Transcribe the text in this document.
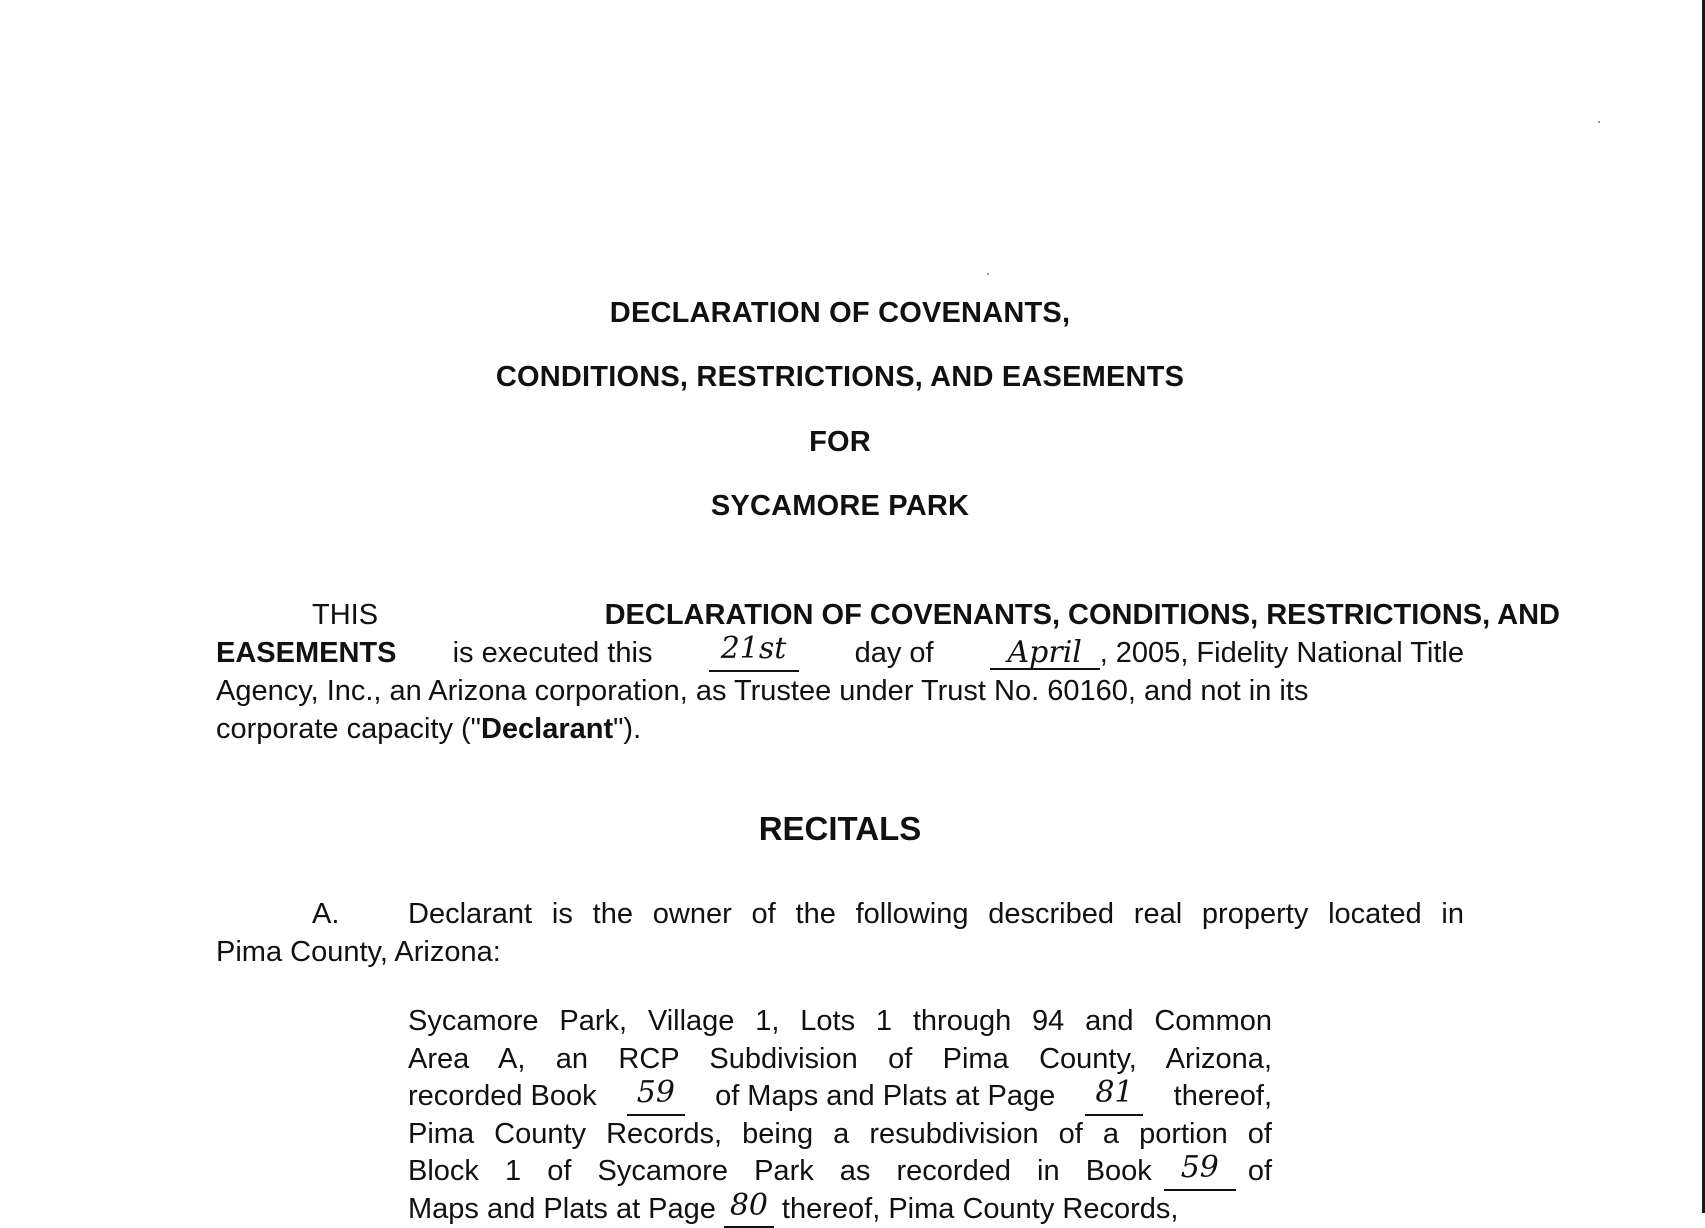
DECLARATION OF COVENANTS,
CONDITIONS, RESTRICTIONS, AND EASEMENTS
FOR
SYCAMORE PARK
THIS	DECLARATION OF COVENANTS, CONDITIONS, RESTRICTIONS, AND
EASEMENTS is executed this	21st	day of	April , 2005, Fidelity National Title
Agency, Inc., an Arizona corporation, as Trustee under Trust No. 60160, and not in its
corporate capacity ("Declarant").
RECITALS
A.	Declarant is the owner of the following described real property located in
Pima County, Arizona:
Sycamore Park, Village 1, Lots 1 through 94 and Common
Area A, an RCP Subdivision of Pima County, Arizona,
recorded Book	59	of Maps and Plats at Page	81	thereof,
Pima County Records, being a resubdivision of a portion of
Block 1 of Sycamore Park as recorded in Book 59 of
Maps and Plats at Page 80 thereof, Pima County Records,
